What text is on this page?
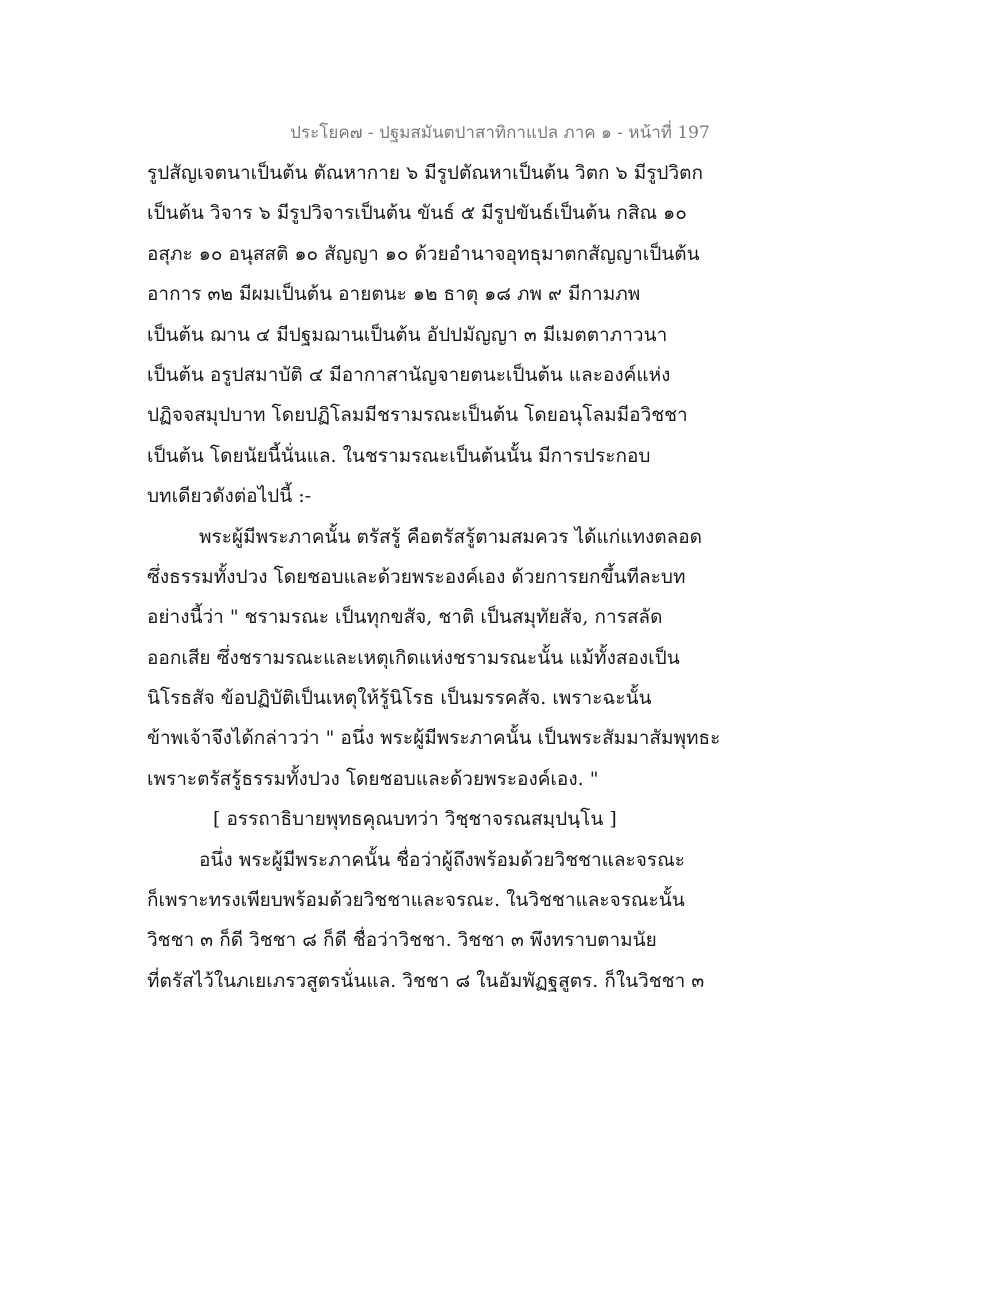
ประโยค๗ - ปฐมสมันตปาสาทิกาแปล ภาค ๑ - หน้าที่ 197
รูปสัญเจตนาเป็นต้น ตัณหากาย ๖ มีรูปตัณหาเป็นต้น วิตก ๖ มีรูปวิตก
เป็นต้น วิจาร ๖ มีรูปวิจารเป็นต้น ขันธ์ ๕ มีรูปขันธ์เป็นต้น กสิณ ๑๐
อสุภะ ๑๐ อนุสสติ ๑๐ สัญญา ๑๐ ด้วยอำนาจอุทธุมาตกสัญญาเป็นต้น
อาการ ๓๒ มีผมเป็นต้น อายตนะ ๑๒ ธาตุ ๑๘ ภพ ๙ มีกามภพ
เป็นต้น ฌาน ๔ มีปฐมฌานเป็นต้น อัปปมัญญา ๓ มีเมตตาภาวนา
เป็นต้น อรูปสมาบัติ ๔ มีอากาสานัญจายตนะเป็นต้น และองค์แห่ง
ปฏิจจสมุปบาท โดยปฏิโลมมีชรามรณะเป็นต้น โดยอนุโลมมีอวิชชา
เป็นต้น โดยนัยนี้นั่นแล. ในชรามรณะเป็นต้นนั้น มีการประกอบ
บทเดียวดังต่อไปนี้ :-
พระผู้มีพระภาคนั้น ตรัสรู้ คือตรัสรู้ตามสมควร ได้แก่แทงตลอด
ซึ่งธรรมทั้งปวง โดยชอบและด้วยพระองค์เอง ด้วยการยกขึ้นทีละบท
อย่างนี้ว่า " ชรามรณะ เป็นทุกขสัจ, ชาติ เป็นสมุทัยสัจ, การสลัด
ออกเสีย ซึ่งชรามรณะและเหตุเกิดแห่งชรามรณะนั้น แม้ทั้งสองเป็น
นิโรธสัจ ข้อปฏิบัติเป็นเหตุให้รู้นิโรธ เป็นมรรคสัจ. เพราะฉะนั้น
ข้าพเจ้าจึงได้กล่าวว่า " อนึ่ง พระผู้มีพระภาคนั้น เป็นพระสัมมาสัมพุทธะ
เพราะตรัสรู้ธรรมทั้งปวง โดยชอบและด้วยพระองค์เอง. "
[ อรรถาธิบายพุทธคุณบทว่า วิชฺชาจรณสมฺปนฺโน ]
อนึ่ง พระผู้มีพระภาคนั้น ชื่อว่าผู้ถึงพร้อมด้วยวิชชาและจรณะ
ก็เพราะทรงเพียบพร้อมด้วยวิชชาและจรณะ. ในวิชชาและจรณะนั้น
วิชชา ๓ ก็ดี วิชชา ๘ ก็ดี ชื่อว่าวิชชา. วิชชา ๓ พึงทราบตามนัย
ที่ตรัสไว้ในภเยเภรวสูตรนั่นแล. วิชชา ๘ ในอัมพัฏฐสูตร. ก็ในวิชชา ๓
